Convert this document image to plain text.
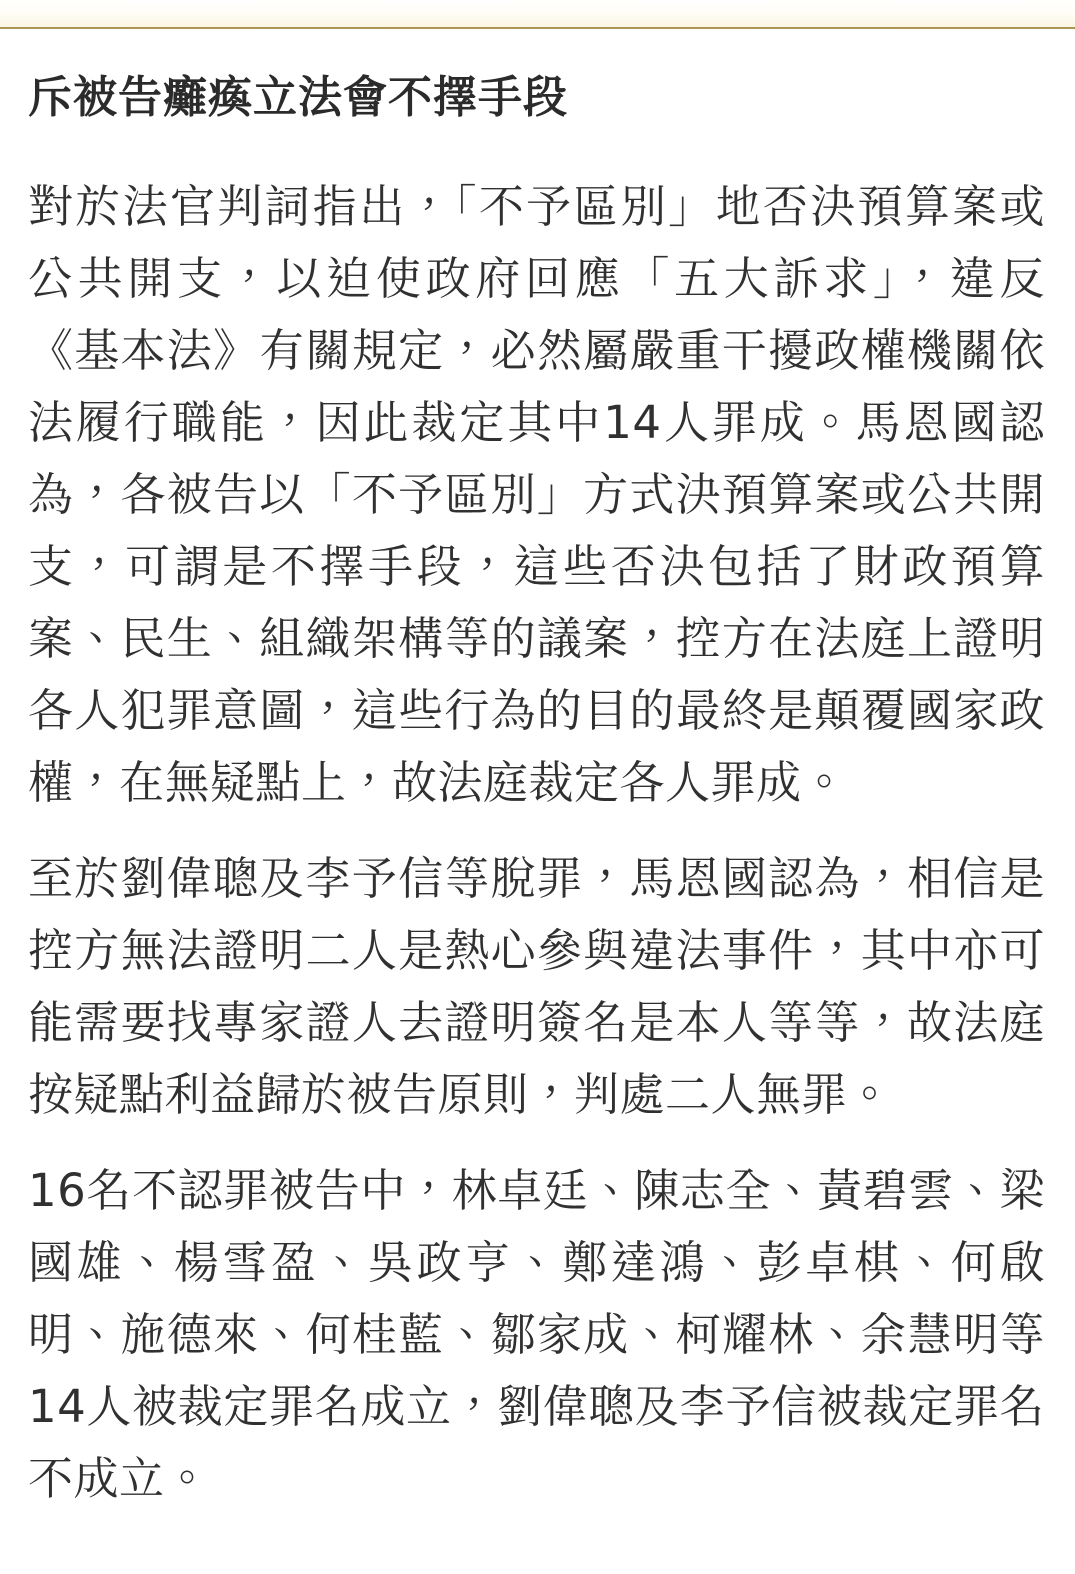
斥被告癱瘓立法會不擇手段

對於法官判詞指出，「不予區別」地否決預算案或公共開支，以迫使政府回應「五大訴求」，違反《基本法》有關規定，必然屬嚴重干擾政權機關依法履行職能，因此裁定其中14人罪成。馬恩國認為，各被告以「不予區別」方式決預算案或公共開支，可謂是不擇手段，這些否決包括了財政預算案、民生、組織架構等的議案，控方在法庭上證明各人犯罪意圖，這些行為的目的最終是顛覆國家政權，在無疑點上，故法庭裁定各人罪成。

至於劉偉聰及李予信等脫罪，馬恩國認為，相信是控方無法證明二人是熱心參與違法事件，其中亦可能需要找專家證人去證明簽名是本人等等，故法庭按疑點利益歸於被告原則，判處二人無罪。

16名不認罪被告中，林卓廷、陳志全、黃碧雲、梁國雄、楊雪盈、吳政亨、鄭達鴻、彭卓棋、何啟明、施德來、何桂藍、鄒家成、柯耀林、余慧明等14人被裁定罪名成立，劉偉聰及李予信被裁定罪名不成立。
